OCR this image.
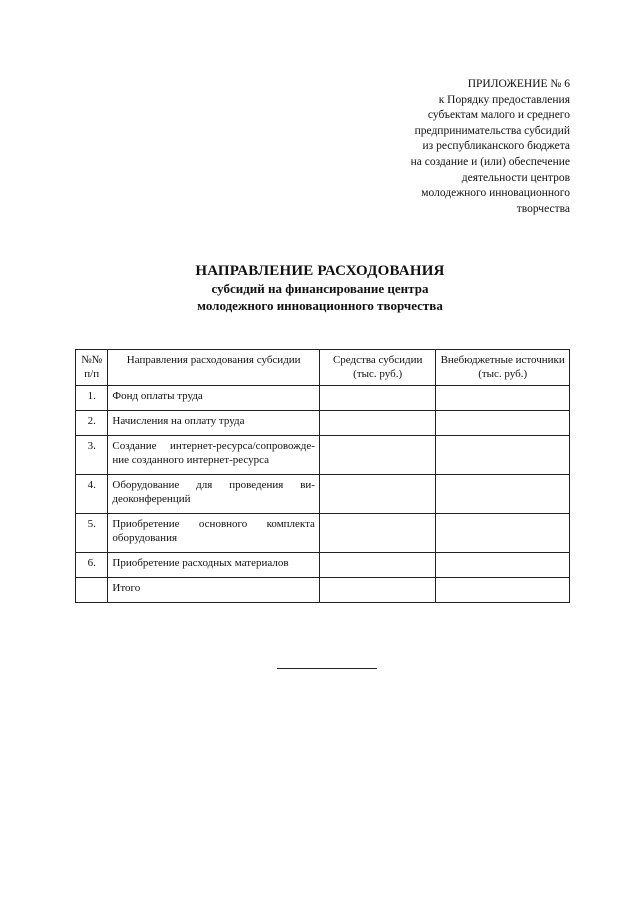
ПРИЛОЖЕНИЕ № 6
к Порядку предоставления
субъектам малого и среднего
предпринимательства субсидий
из республиканского бюджета
на создание и (или) обеспечение
деятельности центров
молодежного инновационного
творчества
НАПРАВЛЕНИЕ РАСХОДОВАНИЯ
субсидий на финансирование центра
молодежного инновационного творчества
№№ п/п	Направления расходования субсидии	Средства субсидии (тыс. руб.)	Внебюджетные источники (тыс. руб.)
1.	Фонд оплаты труда		
2.	Начисления на оплату труда		
3.	Создание интернет-ресурса/сопровожде-ние созданного интернет-ресурса		
4.	Оборудование для проведения ви-деоконференций		
5.	Приобретение основного комплекта оборудования		
6.	Приобретение расходных материалов		
	Итого		
